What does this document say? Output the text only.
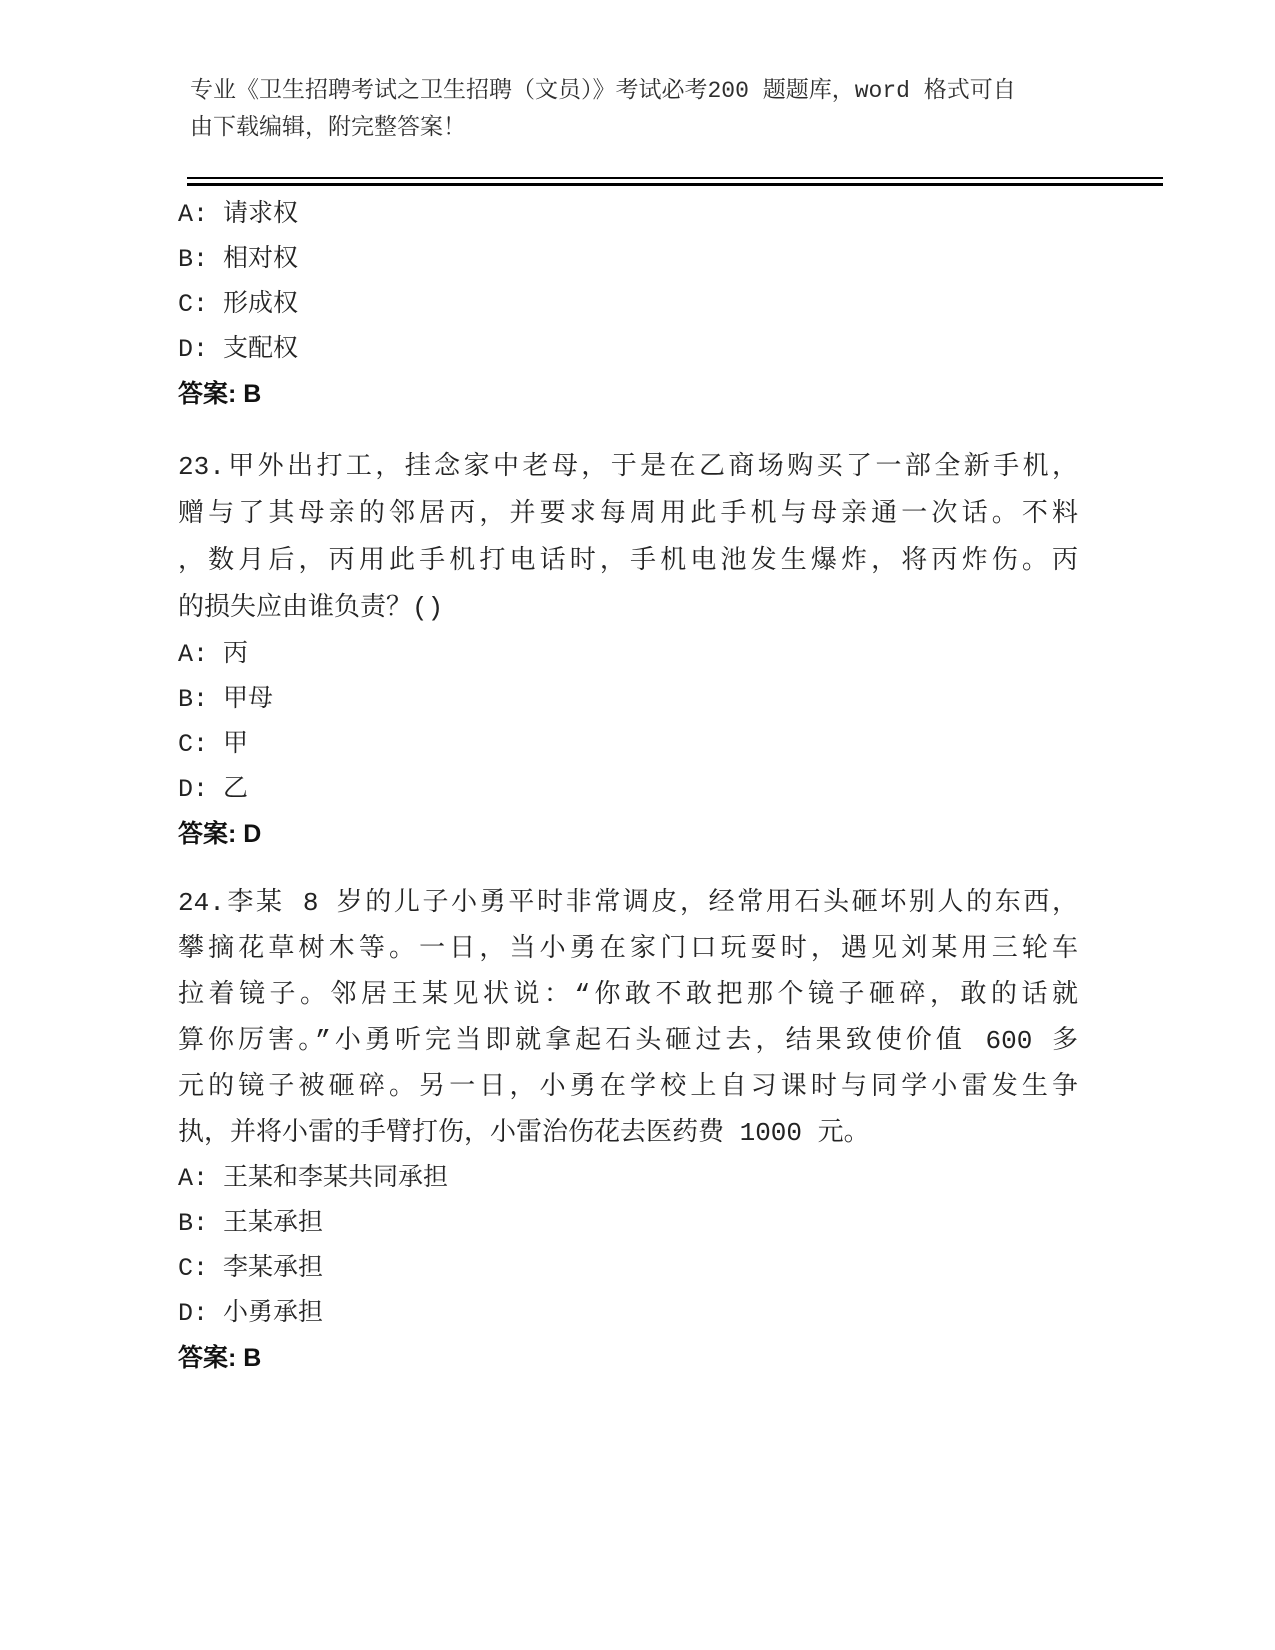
专业《卫生招聘考试之卫生招聘（文员）》考试必考200 题题库，word 格式可自
由下载编辑，附完整答案！
A: 请求权
B: 相对权
C: 形成权
D: 支配权
答案: B
23.甲外出打工，挂念家中老母，于是在乙商场购买了一部全新手机，
赠与了其母亲的邻居丙，并要求每周用此手机与母亲通一次话。不料
，数月后，丙用此手机打电话时，手机电池发生爆炸，将丙炸伤。丙
的损失应由谁负责？()
A: 丙
B: 甲母
C: 甲
D: 乙
答案: D
24.李某 8 岁的儿子小勇平时非常调皮，经常用石头砸坏别人的东西，
攀摘花草树木等。一日，当小勇在家门口玩耍时，遇见刘某用三轮车
拉着镜子。邻居王某见状说：“你敢不敢把那个镜子砸碎，敢的话就
算你厉害。”小勇听完当即就拿起石头砸过去，结果致使价值 600 多
元的镜子被砸碎。另一日，小勇在学校上自习课时与同学小雷发生争
执，并将小雷的手臂打伤，小雷治伤花去医药费 1000 元。
A: 王某和李某共同承担
B: 王某承担
C: 李某承担
D: 小勇承担
答案: B
